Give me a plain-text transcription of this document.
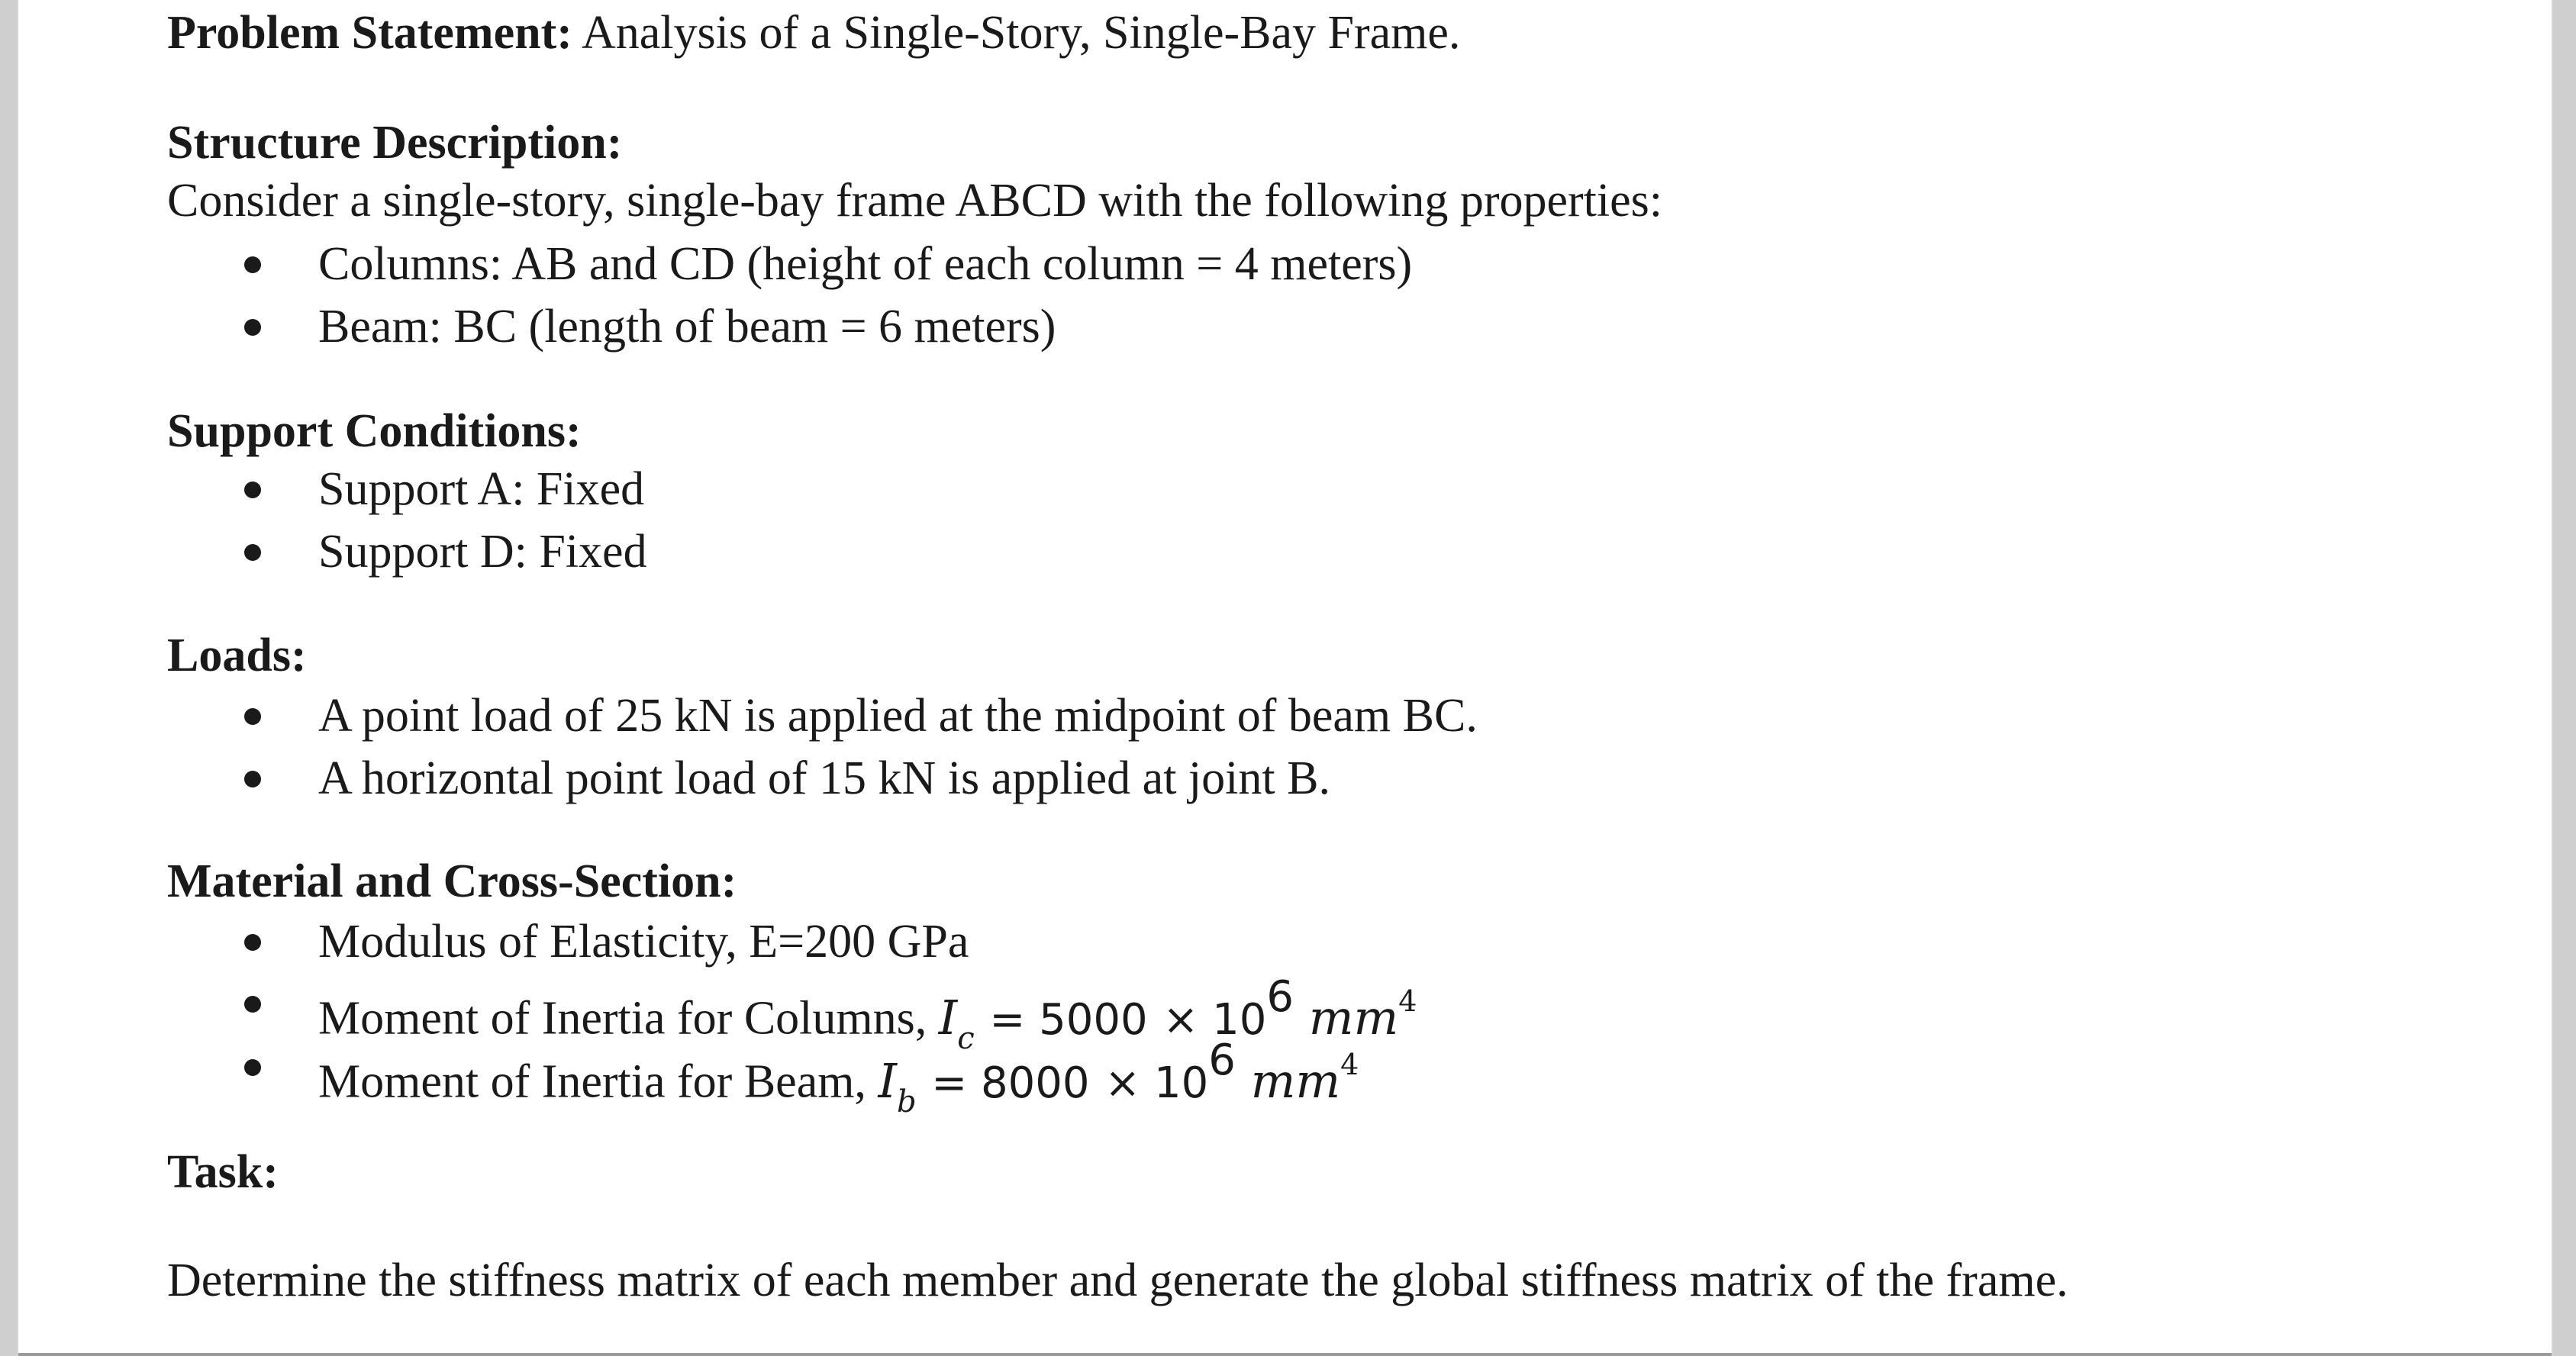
Problem Statement: Analysis of a Single-Story, Single-Bay Frame.
Structure Description:
Consider a single-story, single-bay frame ABCD with the following properties:
Columns: AB and CD (height of each column = 4 meters)
Beam: BC (length of beam = 6 meters)
Support Conditions:
Support A: Fixed
Support D: Fixed
Loads:
A point load of 25 kN is applied at the midpoint of beam BC.
A horizontal point load of 15 kN is applied at joint B.
Material and Cross-Section:
Modulus of Elasticity, E=200 GPa
Moment of Inertia for Columns, $I_c = 5000 \times 10^6$ $mm^4$
Moment of Inertia for Beam, $I_b = 8000 \times 10^6$ $mm^4$
Task:
Determine the stiffness matrix of each member and generate the global stiffness matrix of the frame.
